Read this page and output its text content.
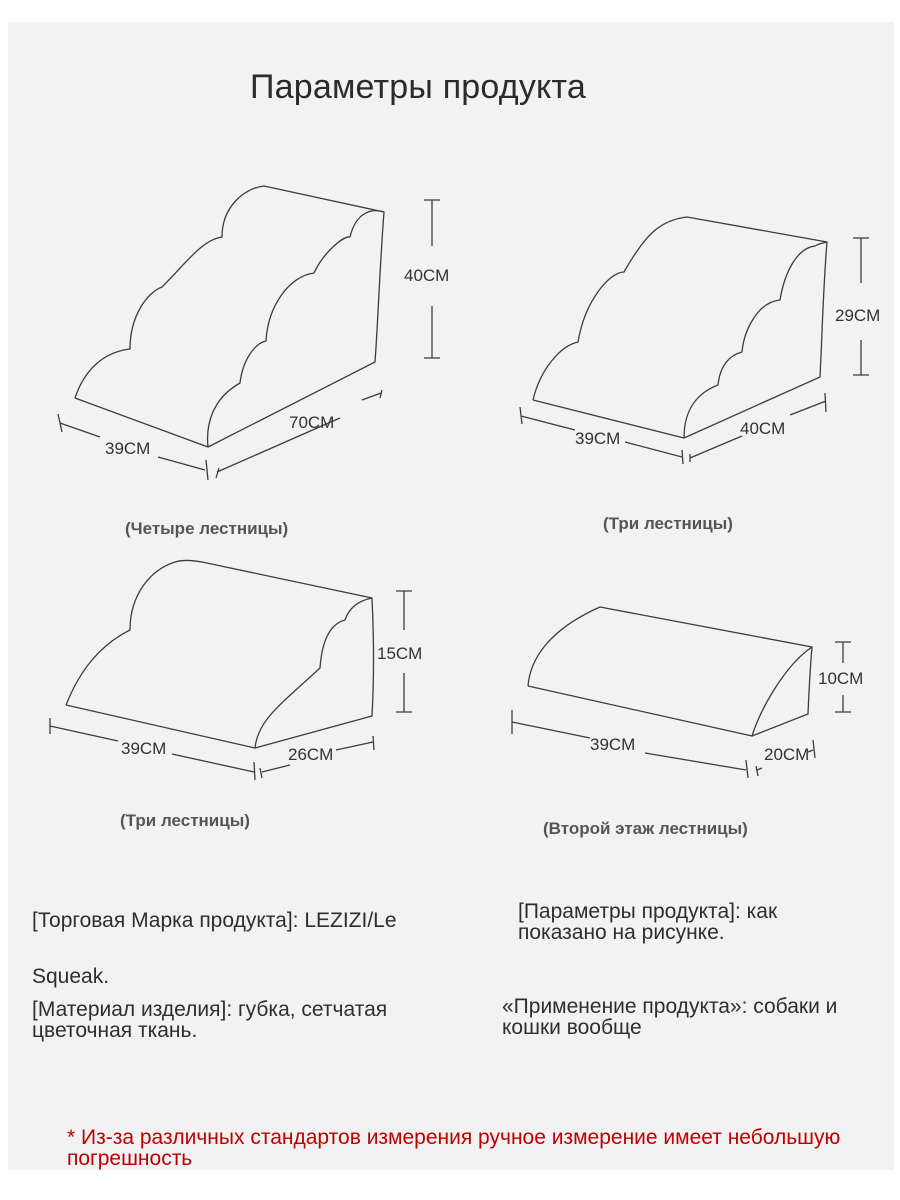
Параметры продукта
40CM
39CM
70CM
29CM
39CM
40CM
15CM
39CM	26CM
10CM
39CM
20CM
(Четыре лестницы)	(Три лестницы)
(Три лестницы)	(Второй этаж лестницы)
[Торговая Марка продукта]: LEZIZI/Le Squeak.
[Параметры продукта]: как показано на рисунке.
[Материал изделия]: губка, сетчатая цветочная ткань.
«Применение продукта»: собаки и кошки вообще
* Из-за различных стандартов измерения ручное измерение имеет небольшую погрешность
